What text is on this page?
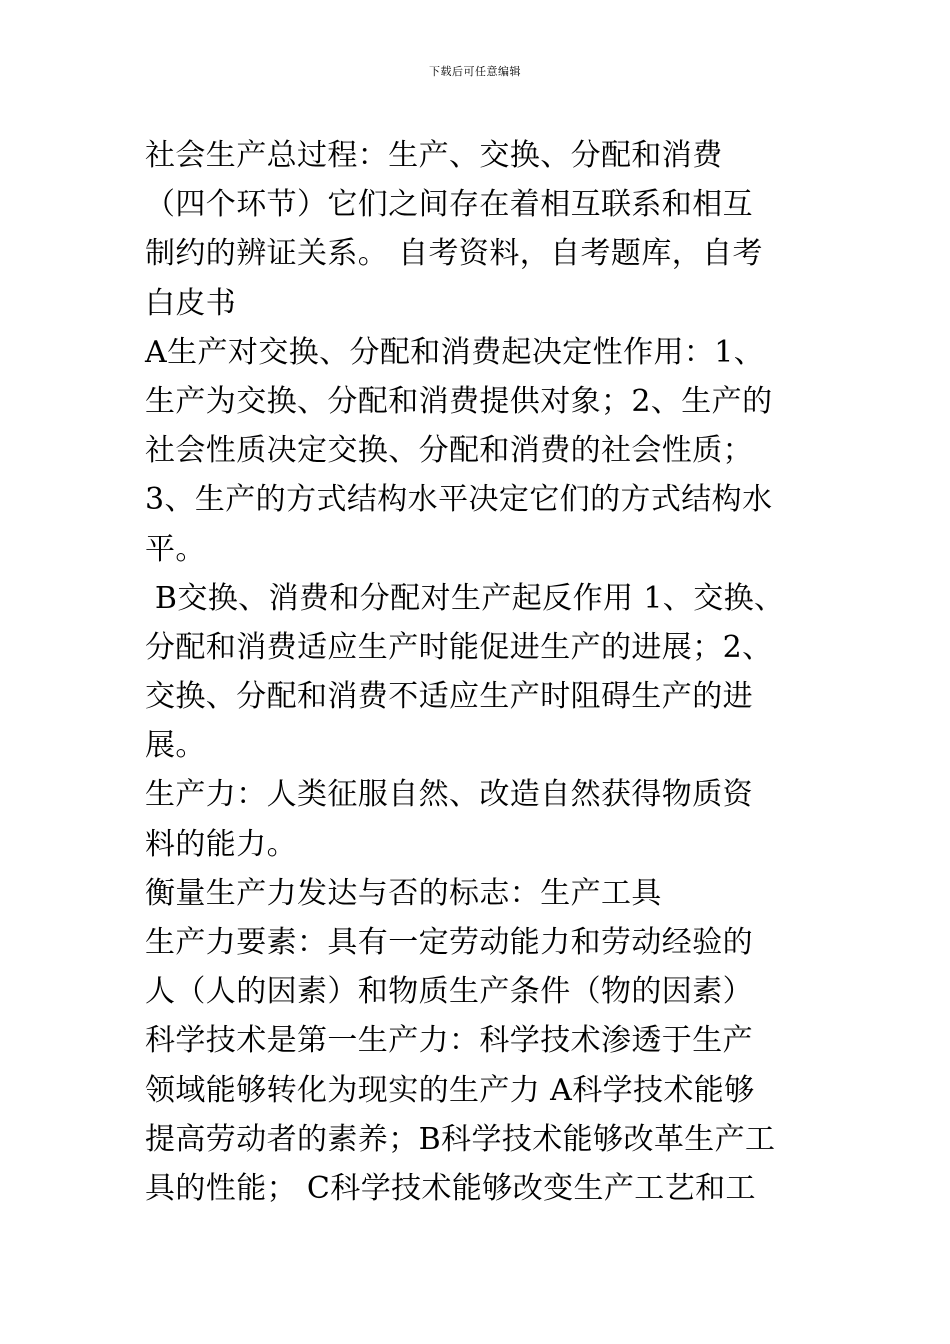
下载后可任意编辑
社会生产总过程：生产、交换、分配和消费
（四个环节）它们之间存在着相互联系和相互
制约的辨证关系。 自考资料，自考题库，自考
白皮书
A生产对交换、分配和消费起决定性作用：1、
生产为交换、分配和消费提供对象；2、生产的
社会性质决定交换、分配和消费的社会性质；
3、生产的方式结构水平决定它们的方式结构水
平。
B交换、消费和分配对生产起反作用 1、交换、
分配和消费适应生产时能促进生产的进展；2、
交换、分配和消费不适应生产时阻碍生产的进
展。
生产力：人类征服自然、改造自然获得物质资
料的能力。
衡量生产力发达与否的标志：生产工具
生产力要素：具有一定劳动能力和劳动经验的
人（人的因素）和物质生产条件（物的因素）
科学技术是第一生产力：科学技术渗透于生产
领域能够转化为现实的生产力 A科学技术能够
提高劳动者的素养；B科学技术能够改革生产工
具的性能； C科学技术能够改变生产工艺和工
